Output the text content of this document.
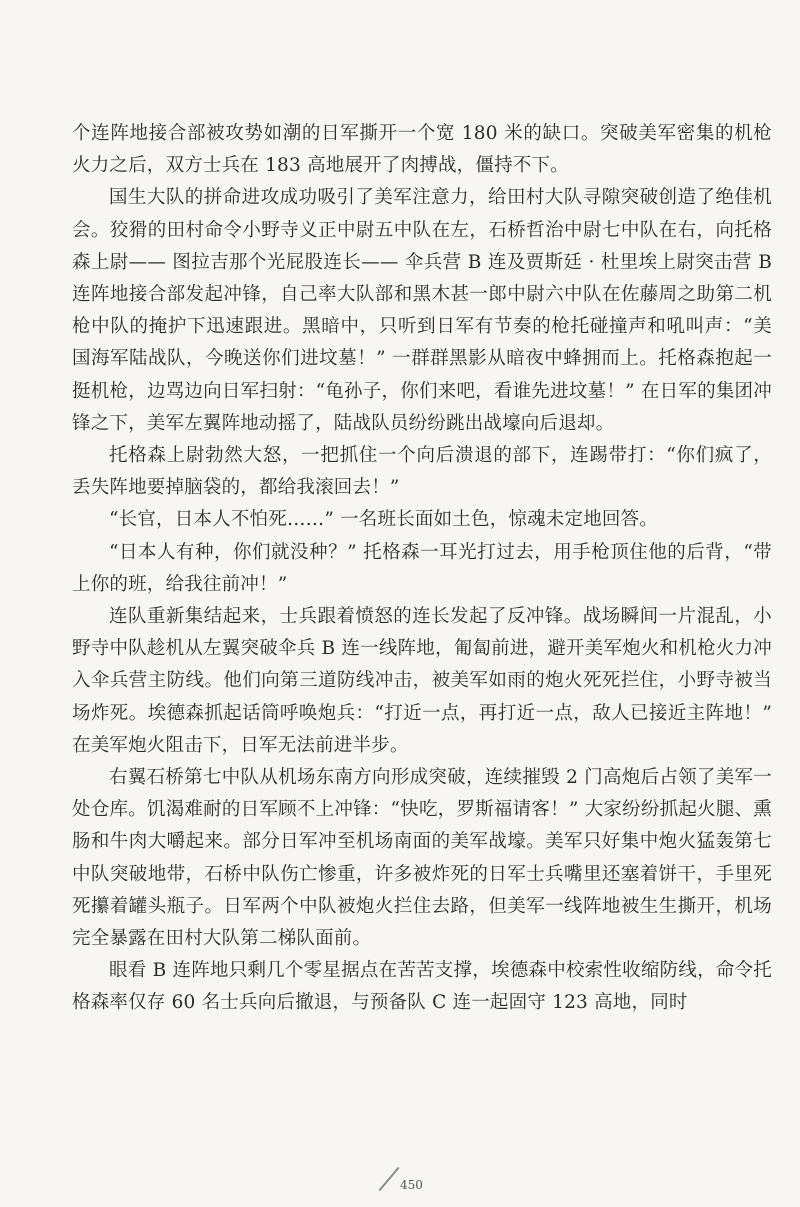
个连阵地接合部被攻势如潮的日军撕开一个宽 180 米的缺口。突破美军密集的机枪火力之后，双方士兵在 183 高地展开了肉搏战，僵持不下。

国生大队的拼命进攻成功吸引了美军注意力，给田村大队寻隙突破创造了绝佳机会。狡猾的田村命令小野寺义正中尉五中队在左，石桥哲治中尉七中队在右，向托格森上尉—— 图拉吉那个光屁股连长—— 伞兵营 B 连及贾斯廷 · 杜里埃上尉突击营 B 连阵地接合部发起冲锋，自己率大队部和黑木甚一郎中尉六中队在佐藤周之助第二机枪中队的掩护下迅速跟进。黑暗中，只听到日军有节奏的枪托碰撞声和吼叫声：“美国海军陆战队，今晚送你们进坟墓！” 一群群黑影从暗夜中蜂拥而上。托格森抱起一挺机枪，边骂边向日军扫射：“龟孙子，你们来吧，看谁先进坟墓！” 在日军的集团冲锋之下，美军左翼阵地动摇了，陆战队员纷纷跳出战壕向后退却。

托格森上尉勃然大怒，一把抓住一个向后溃退的部下，连踢带打：“你们疯了，丢失阵地要掉脑袋的，都给我滚回去！”

“长官，日本人不怕死……” 一名班长面如土色，惊魂未定地回答。

“日本人有种，你们就没种？” 托格森一耳光打过去，用手枪顶住他的后背，“带上你的班，给我往前冲！”

连队重新集结起来，士兵跟着愤怒的连长发起了反冲锋。战场瞬间一片混乱，小野寺中队趁机从左翼突破伞兵 B 连一线阵地，匍匐前进，避开美军炮火和机枪火力冲入伞兵营主防线。他们向第三道防线冲击，被美军如雨的炮火死死拦住，小野寺被当场炸死。埃德森抓起话筒呼唤炮兵：“打近一点，再打近一点，敌人已接近主阵地！” 在美军炮火阻击下，日军无法前进半步。

右翼石桥第七中队从机场东南方向形成突破，连续摧毁 2 门高炮后占领了美军一处仓库。饥渴难耐的日军顾不上冲锋：“快吃，罗斯福请客！” 大家纷纷抓起火腿、熏肠和牛肉大嚼起来。部分日军冲至机场南面的美军战壕。美军只好集中炮火猛轰第七中队突破地带，石桥中队伤亡惨重，许多被炸死的日军士兵嘴里还塞着饼干，手里死死攥着罐头瓶子。日军两个中队被炮火拦住去路，但美军一线阵地被生生撕开，机场完全暴露在田村大队第二梯队面前。

眼看 B 连阵地只剩几个零星据点在苦苦支撑，埃德森中校索性收缩防线，命令托格森率仅存 60 名士兵向后撤退，与预备队 C 连一起固守 123 高地，同时

450
